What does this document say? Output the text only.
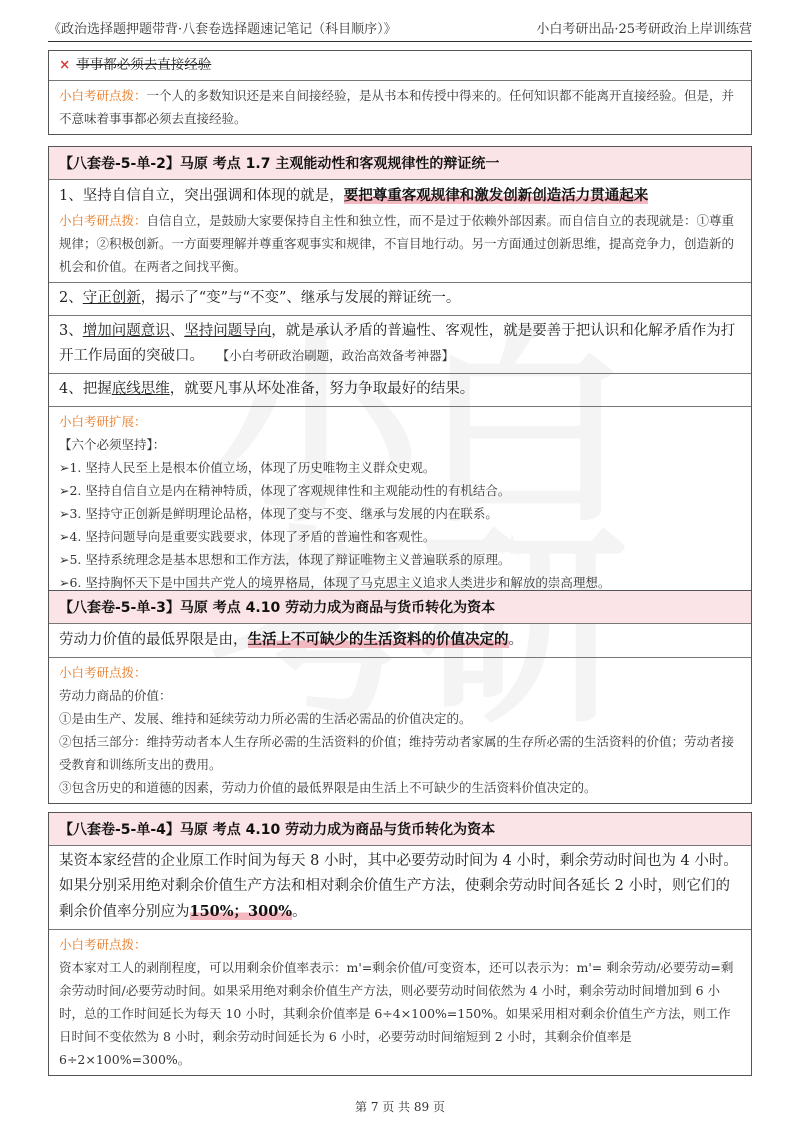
《政治选择题押题带背·八套卷选择题速记笔记（科目顺序）》	小白考研出品·25考研政治上岸训练营
× 事事都必须去直接经验
小白考研点拨：一个人的多数知识还是来自间接经验，是从书本和传授中得来的。任何知识都不能离开直接经验。但是，并不意味着事事都必须去直接经验。
【八套卷-5-单-2】马原 考点 1.7 主观能动性和客观规律性的辩证统一
1、坚持自信自立，突出强调和体现的就是，要把尊重客观规律和激发创新创造活力贯通起来
小白考研点拨：自信自立，是鼓励大家要保持自主性和独立性，而不是过于依赖外部因素。而自信自立的表现就是：①尊重规律；②积极创新。一方面要理解并尊重客观事实和规律，不盲目地行动。另一方面通过创新思维，提高竞争力，创造新的机会和价值。在两者之间找平衡。
2、守正创新，揭示了“变”与“不变”、继承与发展的辩证统一。
3、增加问题意识、坚持问题导向，就是承认矛盾的普遍性、客观性，就是要善于把认识和化解矛盾作为打开工作局面的突破口。 【小白考研政治刷题，政治高效备考神器】
4、把握底线思维，就要凡事从坏处准备，努力争取最好的结果。
小白考研扩展：
【六个必须坚持】：
➢1. 坚持人民至上是根本价值立场，体现了历史唯物主义群众史观。
➢2. 坚持自信自立是内在精神特质，体现了客观规律性和主观能动性的有机结合。
➢3. 坚持守正创新是鲜明理论品格，体现了变与不变、继承与发展的内在联系。
➢4. 坚持问题导向是重要实践要求，体现了矛盾的普遍性和客观性。
➢5. 坚持系统理念是基本思想和工作方法，体现了辩证唯物主义普遍联系的原理。
➢6. 坚持胸怀天下是中国共产党人的境界格局，体现了马克思主义追求人类进步和解放的崇高理想。
【八套卷-5-单-3】马原 考点 4.10 劳动力成为商品与货币转化为资本
劳动力价值的最低界限是由，生活上不可缺少的生活资料的价值决定的。
小白考研点拨：
劳动力商品的价值：
①是由生产、发展、维持和延续劳动力所必需的生活必需品的价值决定的。
②包括三部分：维持劳动者本人生存所必需的生活资料的价值；维持劳动者家属的生存所必需的生活资料的价值；劳动者接受教育和训练所支出的费用。
③包含历史的和道德的因素，劳动力价值的最低界限是由生活上不可缺少的生活资料价值决定的。
【八套卷-5-单-4】马原 考点 4.10 劳动力成为商品与货币转化为资本
某资本家经营的企业原工作时间为每天 8 小时，其中必要劳动时间为 4 小时，剩余劳动时间也为 4 小时。如果分别采用绝对剩余价值生产方法和相对剩余价值生产方法，使剩余劳动时间各延长 2 小时，则它们的剩余价值率分别应为150%；300%。
小白考研点拨：
资本家对工人的剥削程度，可以用剩余价值率表示：m'=剩余价值/可变资本，还可以表示为：m'= 剩余劳动/必要劳动=剩余劳动时间/必要劳动时间。如果采用绝对剩余价值生产方法，则必要劳动时间依然为 4 小时，剩余劳动时间增加到 6 小时，总的工作时间延长为每天 10 小时，其剩余价值率是 6÷4×100%=150%。如果采用相对剩余价值生产方法，则工作日时间不变依然为 8 小时，剩余劳动时间延长为 6 小时，必要劳动时间缩短到 2 小时，其剩余价值率是 6÷2×100%=300%。
第 7 页 共 89 页
